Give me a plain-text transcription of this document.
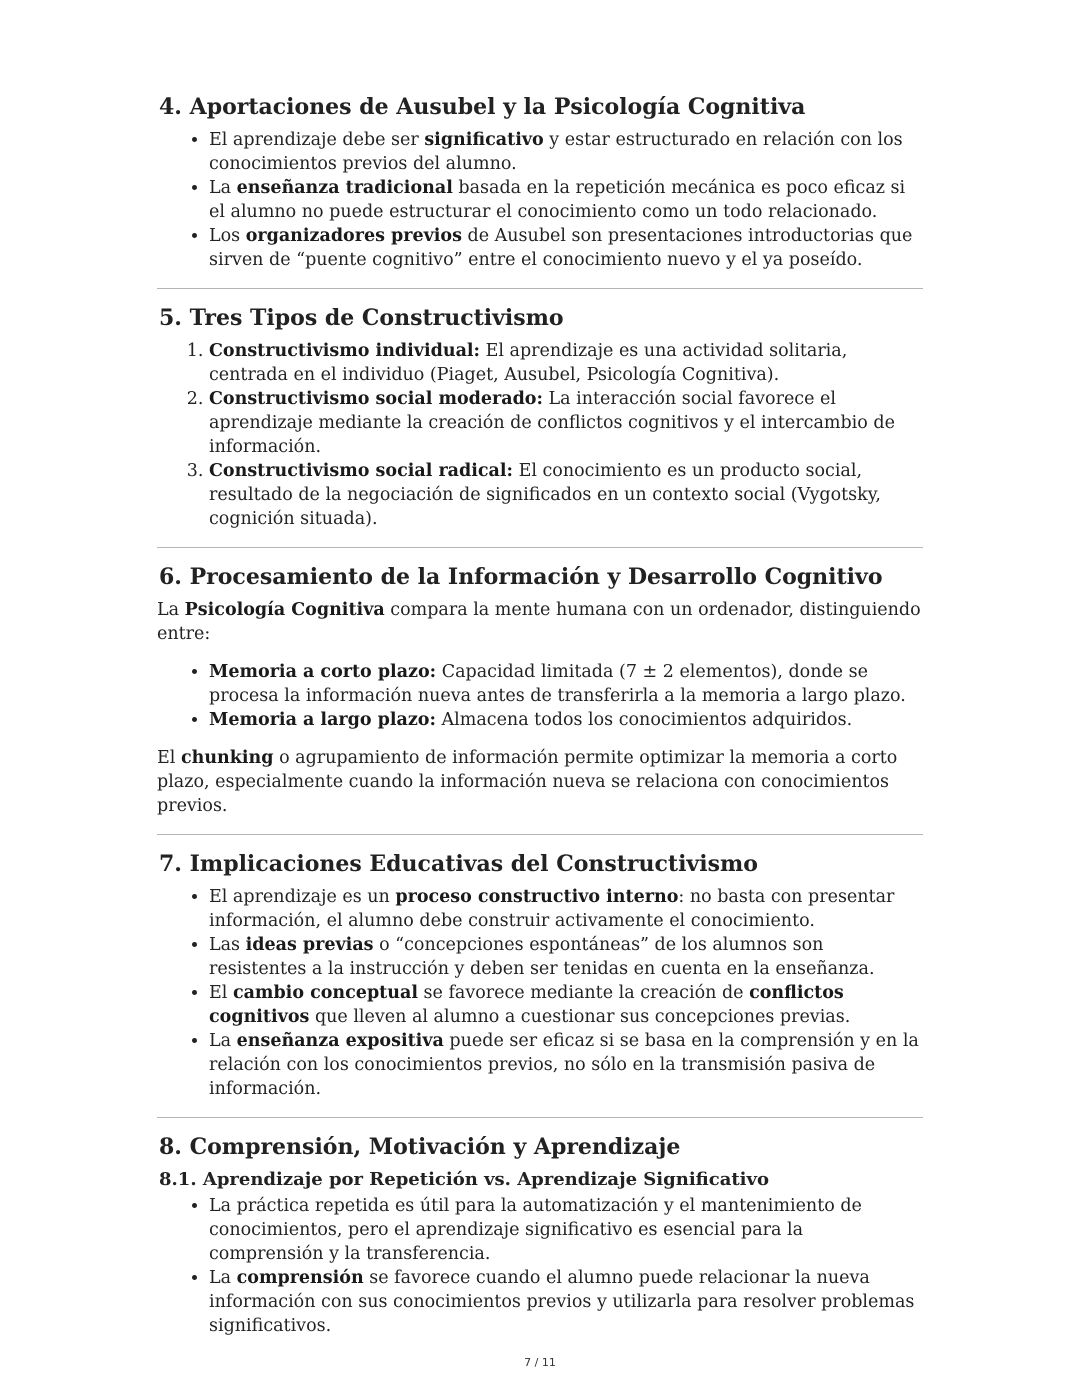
4. Aportaciones de Ausubel y la Psicología Cognitiva
• El aprendizaje debe ser significativo y estar estructurado en relación con los conocimientos previos del alumno.
• La enseñanza tradicional basada en la repetición mecánica es poco eficaz si el alumno no puede estructurar el conocimiento como un todo relacionado.
• Los organizadores previos de Ausubel son presentaciones introductorias que sirven de “puente cognitivo” entre el conocimiento nuevo y el ya poseído.
5. Tres Tipos de Constructivismo
1. Constructivismo individual: El aprendizaje es una actividad solitaria, centrada en el individuo (Piaget, Ausubel, Psicología Cognitiva).
2. Constructivismo social moderado: La interacción social favorece el aprendizaje mediante la creación de conflictos cognitivos y el intercambio de información.
3. Constructivismo social radical: El conocimiento es un producto social, resultado de la negociación de significados en un contexto social (Vygotsky, cognición situada).
6. Procesamiento de la Información y Desarrollo Cognitivo

La Psicología Cognitiva compara la mente humana con un ordenador, distinguiendo entre:

• Memoria a corto plazo: Capacidad limitada (7 ± 2 elementos), donde se procesa la información nueva antes de transferirla a la memoria a largo plazo.
• Memoria a largo plazo: Almacena todos los conocimientos adquiridos.

El chunking o agrupamiento de información permite optimizar la memoria a corto plazo, especialmente cuando la información nueva se relaciona con conocimientos previos.

7. Implicaciones Educativas del Constructivismo
• El aprendizaje es un proceso constructivo interno: no basta con presentar información, el alumno debe construir activamente el conocimiento.
• Las ideas previas o “concepciones espontáneas” de los alumnos son resistentes a la instrucción y deben ser tenidas en cuenta en la enseñanza.
• El cambio conceptual se favorece mediante la creación de conflictos cognitivos que lleven al alumno a cuestionar sus concepciones previas.
• La enseñanza expositiva puede ser eficaz si se basa en la comprensión y en la relación con los conocimientos previos, no sólo en la transmisión pasiva de información.
8. Comprensión, Motivación y Aprendizaje
8.1. Aprendizaje por Repetición vs. Aprendizaje Significativo
• La práctica repetida es útil para la automatización y el mantenimiento de conocimientos, pero el aprendizaje significativo es esencial para la comprensión y la transferencia.
• La comprensión se favorece cuando el alumno puede relacionar la nueva información con sus conocimientos previos y utilizarla para resolver problemas significativos.
7 / 11
